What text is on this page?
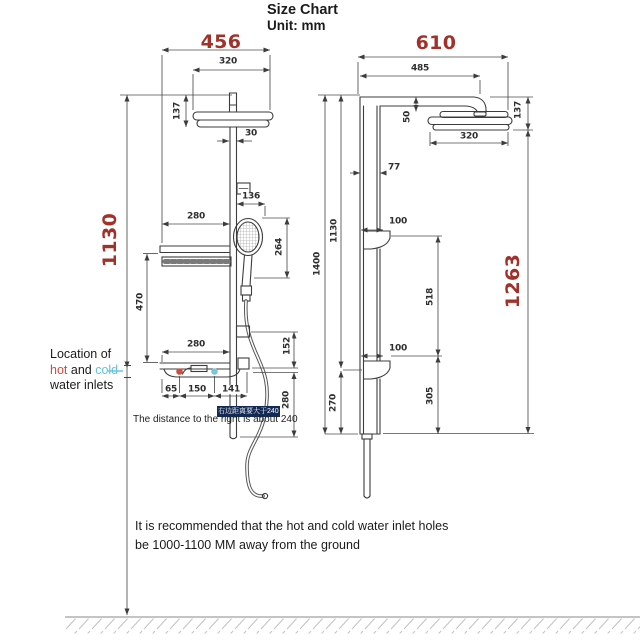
Size Chart
Unit: mm
456
320
137
30
136
280
264
470
280	152
65 150 141
280
1130
610
485
50	137
320
77
100
1130
1400
518
100
305
270
1263
Location of
hot and cold
water inlets
右边距离要大于240
The distance to the right is about 240
It is recommended that the hot and cold water inlet holes
be 1000-1100 MM away from the ground
